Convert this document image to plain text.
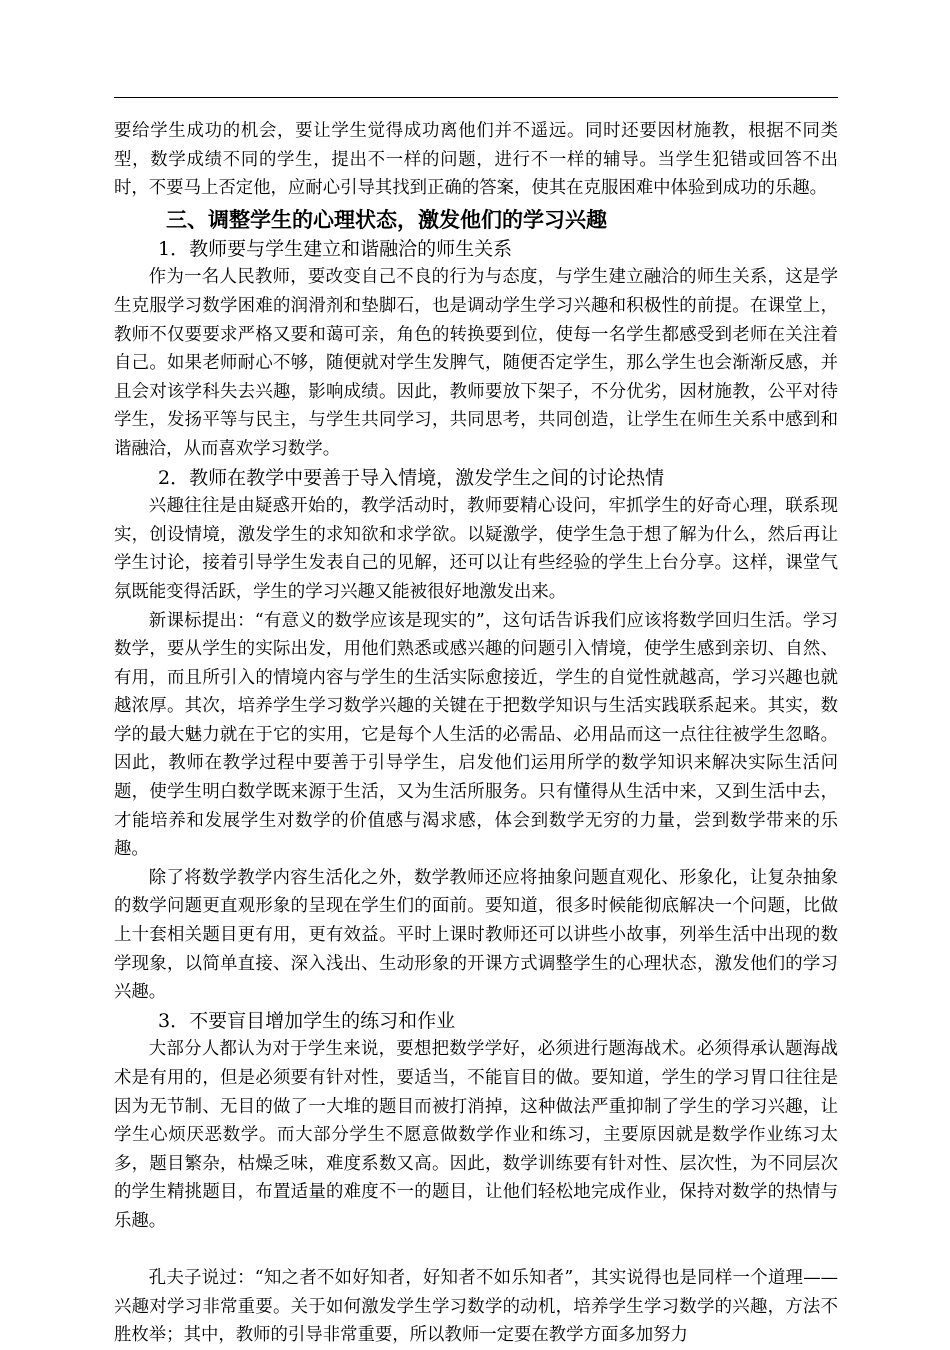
要给学生成功的机会，要让学生觉得成功离他们并不遥远。同时还要因材施教，根据不同类型，数学成绩不同的学生，提出不一样的问题，进行不一样的辅导。当学生犯错或回答不出时，不要马上否定他，应耐心引导其找到正确的答案，使其在克服困难中体验到成功的乐趣。

三、调整学生的心理状态，激发他们的学习兴趣
1．教师要与学生建立和谐融洽的师生关系

作为一名人民教师，要改变自己不良的行为与态度，与学生建立融洽的师生关系，这是学生克服学习数学困难的润滑剂和垫脚石，也是调动学生学习兴趣和积极性的前提。在课堂上，教师不仅要要求严格又要和蔼可亲，角色的转换要到位，使每一名学生都感受到老师在关注着自己。如果老师耐心不够，随便就对学生发脾气，随便否定学生，那么学生也会渐渐反感，并且会对该学科失去兴趣，影响成绩。因此，教师要放下架子，不分优劣，因材施教，公平对待学生，发扬平等与民主，与学生共同学习，共同思考，共同创造，让学生在师生关系中感到和谐融洽，从而喜欢学习数学。

2．教师在教学中要善于导入情境，激发学生之间的讨论热情

兴趣往往是由疑惑开始的，教学活动时，教师要精心设问，牢抓学生的好奇心理，联系现实，创设情境，激发学生的求知欲和求学欲。以疑激学，使学生急于想了解为什么，然后再让学生讨论，接着引导学生发表自己的见解，还可以让有些经验的学生上台分享。这样，课堂气氛既能变得活跃，学生的学习兴趣又能被很好地激发出来。

新课标提出：“有意义的数学应该是现实的”，这句话告诉我们应该将数学回归生活。学习数学，要从学生的实际出发，用他们熟悉或感兴趣的问题引入情境，使学生感到亲切、自然、有用，而且所引入的情境内容与学生的生活实际愈接近，学生的自觉性就越高，学习兴趣也就越浓厚。其次，培养学生学习数学兴趣的关键在于把数学知识与生活实践联系起来。其实，数学的最大魅力就在于它的实用，它是每个人生活的必需品、必用品而这一点往往被学生忽略。因此，教师在教学过程中要善于引导学生，启发他们运用所学的数学知识来解决实际生活问题，使学生明白数学既来源于生活，又为生活所服务。只有懂得从生活中来，又到生活中去，才能培养和发展学生对数学的价值感与渴求感，体会到数学无穷的力量，尝到数学带来的乐趣。

除了将数学教学内容生活化之外，数学教师还应将抽象问题直观化、形象化，让复杂抽象的数学问题更直观形象的呈现在学生们的面前。要知道，很多时候能彻底解决一个问题，比做上十套相关题目更有用，更有效益。平时上课时教师还可以讲些小故事，列举生活中出现的数学现象，以简单直接、深入浅出、生动形象的开课方式调整学生的心理状态，激发他们的学习兴趣。

3．不要盲目增加学生的练习和作业

大部分人都认为对于学生来说，要想把数学学好，必须进行题海战术。必须得承认题海战术是有用的，但是必须要有针对性，要适当，不能盲目的做。要知道，学生的学习胃口往往是因为无节制、无目的做了一大堆的题目而被打消掉，这种做法严重抑制了学生的学习兴趣，让学生心烦厌恶数学。而大部分学生不愿意做数学作业和练习，主要原因就是数学作业练习太多，题目繁杂，枯燥乏味，难度系数又高。因此，数学训练要有针对性、层次性，为不同层次的学生精挑题目，布置适量的难度不一的题目，让他们轻松地完成作业，保持对数学的热情与乐趣。

孔夫子说过：“知之者不如好知者，好知者不如乐知者”，其实说得也是同样一个道理——兴趣对学习非常重要。关于如何激发学生学习数学的动机，培养学生学习数学的兴趣，方法不胜枚举；其中，教师的引导非常重要，所以教师一定要在教学方面多加努力
